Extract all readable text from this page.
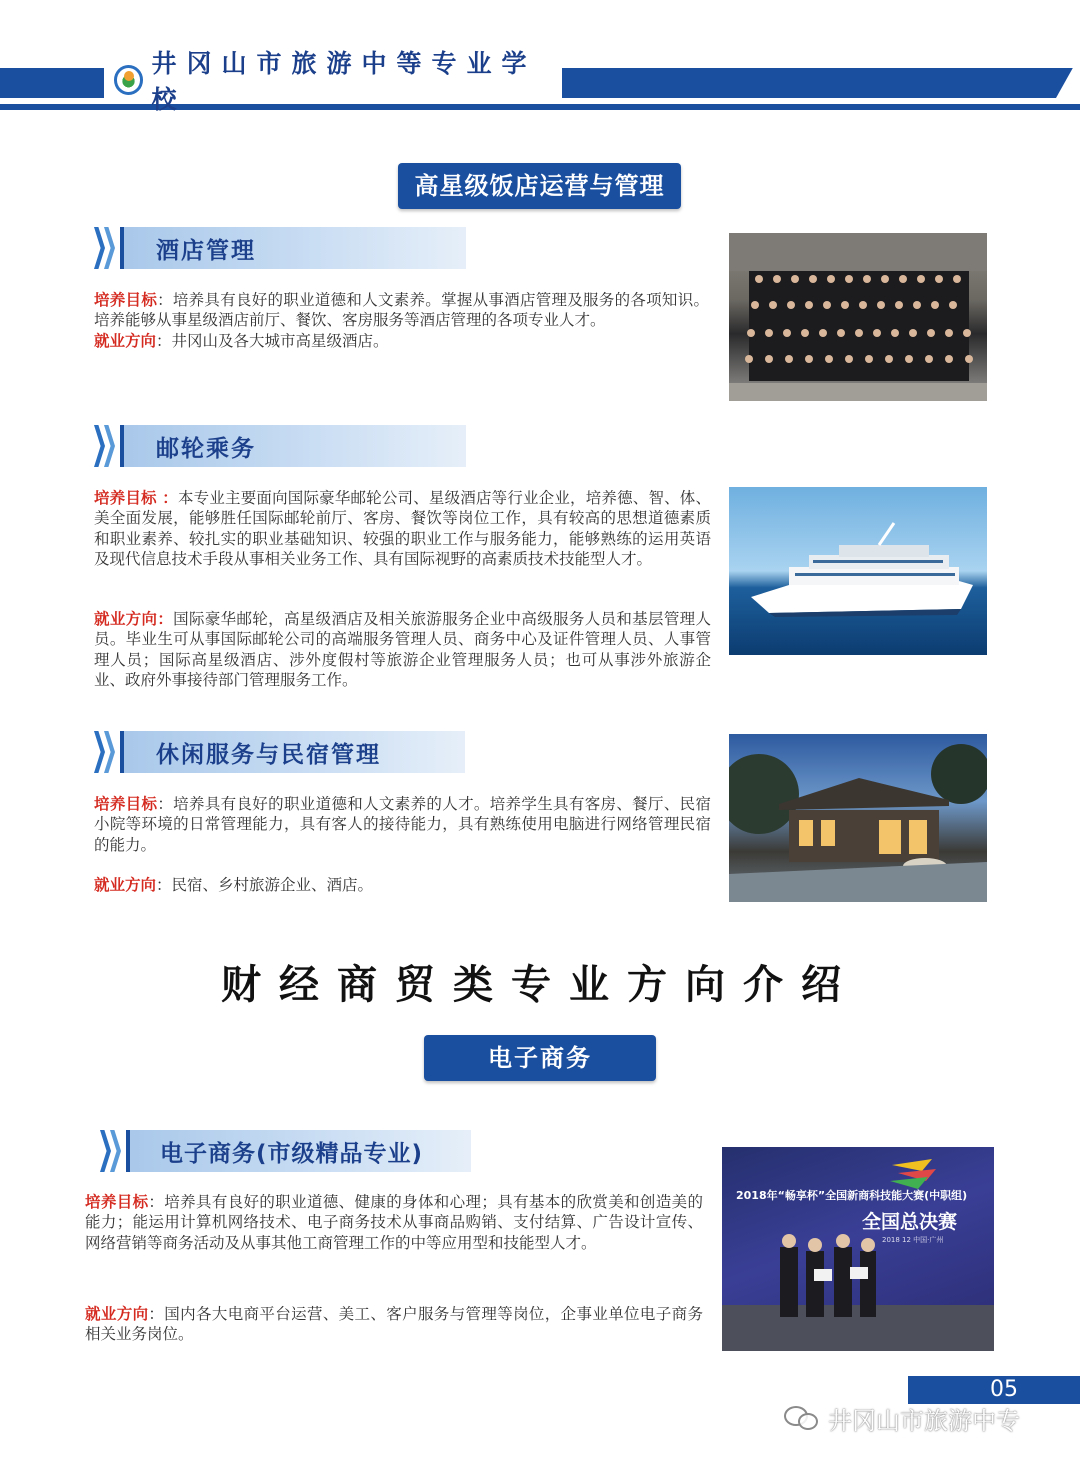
井冈山市旅游中等专业学校
高星级饭店运营与管理
酒店管理
培养目标：培养具有良好的职业道德和人文素养。掌握从事酒店管理及服务的各项知识。培养能够从事星级酒店前厅、餐饮、客房服务等酒店管理的各项专业人才。
就业方向：井冈山及各大城市高星级酒店。
邮轮乘务
培养目标 ：本专业主要面向国际豪华邮轮公司、星级酒店等行业企业，培养德、智、体、美全面发展，能够胜任国际邮轮前厅、客房、餐饮等岗位工作，具有较高的思想道德素质和职业素养、较扎实的职业基础知识、较强的职业工作与服务能力，能够熟练的运用英语及现代信息技术手段从事相关业务工作、具有国际视野的高素质技术技能型人才。
就业方向：国际豪华邮轮，高星级酒店及相关旅游服务企业中高级服务人员和基层管理人员。毕业生可从事国际邮轮公司的高端服务管理人员、商务中心及证件管理人员、人事管理人员；国际高星级酒店、涉外度假村等旅游企业管理服务人员；也可从事涉外旅游企业、政府外事接待部门管理服务工作。
休闲服务与民宿管理
培养目标：培养具有良好的职业道德和人文素养的人才。培养学生具有客房、餐厅、民宿小院等环境的日常管理能力，具有客人的接待能力，具有熟练使用电脑进行网络管理民宿的能力。
就业方向：民宿、乡村旅游企业、酒店。
财经商贸类专业方向介绍
电子商务
电子商务(市级精品专业)
培养目标：培养具有良好的职业道德、健康的身体和心理；具有基本的欣赏美和创造美的能力；能运用计算机网络技术、电子商务技术从事商品购销、支付结算、广告设计宣传、网络营销等商务活动及从事其他工商管理工作的中等应用型和技能型人才。
就业方向：国内各大电商平台运营、美工、客户服务与管理等岗位，企事业单位电子商务相关业务岗位。
2018年“畅享杯”全国新商科技能大赛(中职组)
全国总决赛
2018 12 中国·广州
05
井冈山市旅游中专
